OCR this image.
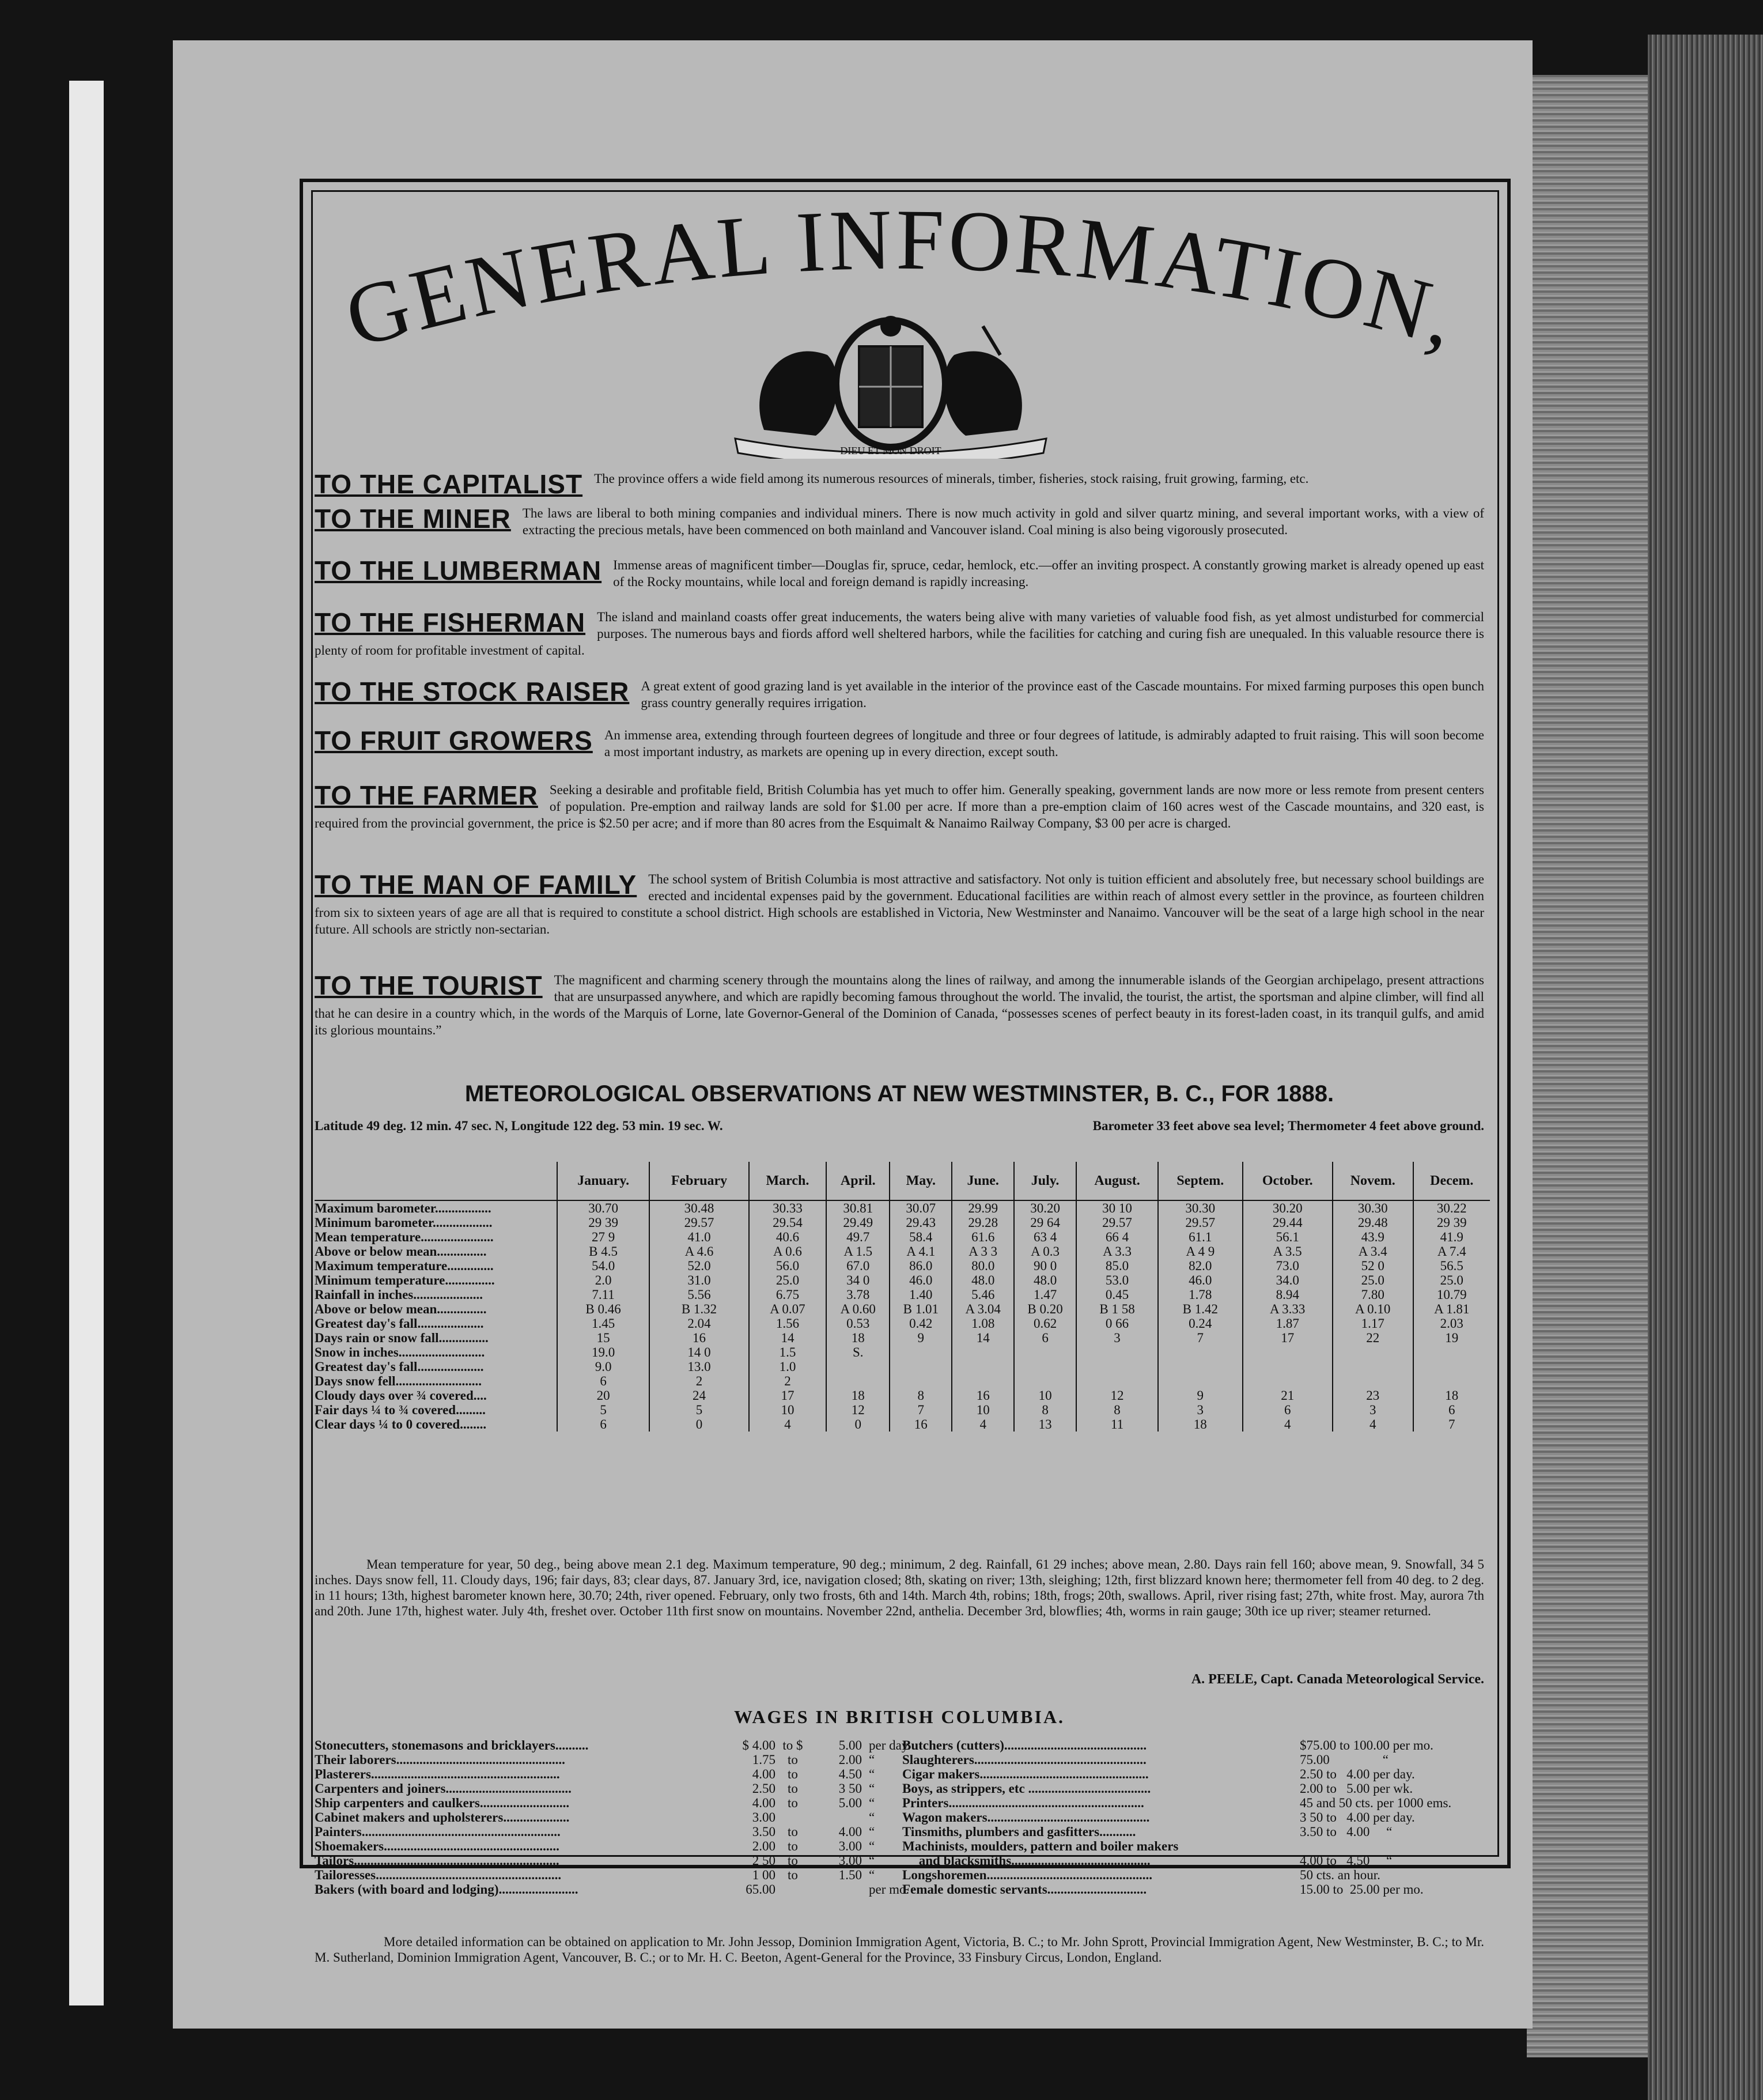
GENERAL INFORMATION,
DIEU ET MON DROIT
TO THE CAPITALIST The province offers a wide field among its numerous resources of minerals, timber, fisheries, stock raising, fruit growing, farming, etc.
TO THE MINER The laws are liberal to both mining companies and individual miners. There is now much activity in gold and silver quartz mining, and several important works, with a view of extracting the precious metals, have been commenced on both mainland and Vancouver island. Coal mining is also being vigorously prosecuted.
TO THE LUMBERMAN Immense areas of magnificent timber—Douglas fir, spruce, cedar, hemlock, etc.—offer an inviting prospect. A constantly growing market is already opened up east of the Rocky mountains, while local and foreign demand is rapidly increasing.
TO THE FISHERMAN The island and mainland coasts offer great inducements, the waters being alive with many varieties of valuable food fish, as yet almost undisturbed for commercial purposes. The numerous bays and fiords afford well sheltered harbors, while the facilities for catching and curing fish are unequaled. In this valuable resource there is plenty of room for profitable investment of capital.
TO THE STOCK RAISER A great extent of good grazing land is yet available in the interior of the province east of the Cascade mountains. For mixed farming purposes this open bunch grass country generally requires irrigation.
TO FRUIT GROWERS An immense area, extending through fourteen degrees of longitude and three or four degrees of latitude, is admirably adapted to fruit raising. This will soon become a most important industry, as markets are opening up in every direction, except south.
TO THE FARMER Seeking a desirable and profitable field, British Columbia has yet much to offer him. Generally speaking, government lands are now more or less remote from present centers of population. Pre-emption and railway lands are sold for $1.00 per acre. If more than a pre-emption claim of 160 acres west of the Cascade mountains, and 320 east, is required from the provincial government, the price is $2.50 per acre; and if more than 80 acres from the Esquimalt & Nanaimo Railway Company, $3 00 per acre is charged.
TO THE MAN OF FAMILY The school system of British Columbia is most attractive and satisfactory. Not only is tuition efficient and absolutely free, but necessary school buildings are erected and incidental expenses paid by the government. Educational facilities are within reach of almost every settler in the province, as fourteen children from six to sixteen years of age are all that is required to constitute a school district. High schools are established in Victoria, New Westminster and Nanaimo. Vancouver will be the seat of a large high school in the near future. All schools are strictly non-sectarian.
TO THE TOURIST The magnificent and charming scenery through the mountains along the lines of railway, and among the innumerable islands of the Georgian archipelago, present attractions that are unsurpassed anywhere, and which are rapidly becoming famous throughout the world. The invalid, the tourist, the artist, the sportsman and alpine climber, will find all that he can desire in a country which, in the words of the Marquis of Lorne, late Governor-General of the Dominion of Canada, “possesses scenes of perfect beauty in its forest-laden coast, in its tranquil gulfs, and amid its glorious mountains.”
METEOROLOGICAL OBSERVATIONS AT NEW WESTMINSTER, B. C., FOR 1888.
Latitude 49 deg. 12 min. 47 sec. N, Longitude 122 deg. 53 min. 19 sec. W.	Barometer 33 feet above sea level; Thermometer 4 feet above ground.
	January.	February	March.	April.	May.	June.	July.	August.	Septem.	October.	Novem.	Decem.
Maximum barometer.................	30.70	30.48	30.33	30.81	30.07	29.99	30.20	30 10	30.30	30.20	30.30	30.22
Minimum barometer..................	29 39	29.57	29.54	29.49	29.43	29.28	29 64	29.57	29.57	29.44	29.48	29 39
Mean temperature......................	27 9	41.0	40.6	49.7	58.4	61.6	63 4	66 4	61.1	56.1	43.9	41.9
Above or below mean...............	B 4.5	A 4.6	A 0.6	A 1.5	A 4.1	A 3 3	A 0.3	A 3.3	A 4 9	A 3.5	A 3.4	A 7.4
Maximum temperature..............	54.0	52.0	56.0	67.0	86.0	80.0	90 0	85.0	82.0	73.0	52 0	56.5
Minimum temperature...............	2.0	31.0	25.0	34 0	46.0	48.0	48.0	53.0	46.0	34.0	25.0	25.0
Rainfall in inches.....................	7.11	5.56	6.75	3.78	1.40	5.46	1.47	0.45	1.78	8.94	7.80	10.79
Above or below mean...............	B 0.46	B 1.32	A 0.07	A 0.60	B 1.01	A 3.04	B 0.20	B 1 58	B 1.42	A 3.33	A 0.10	A 1.81
Greatest day's fall....................	1.45	2.04	1.56	0.53	0.42	1.08	0.62	0 66	0.24	1.87	1.17	2.03
Days rain or snow fall...............	15	16	14	18	9	14	6	3	7	17	22	19
Snow in inches..........................	19.0	14 0	1.5	S.								
Greatest day's fall....................	9.0	13.0	1.0									
Days snow fell..........................	6	2	2									
Cloudy days over ¾ covered....	20	24	17	18	8	16	10	12	9	21	23	18
Fair days ¼ to ¾ covered.........	5	5	10	12	7	10	8	8	3	6	3	6
Clear days ¼ to 0 covered........	6	0	4	0	16	4	13	11	18	4	4	7
Mean temperature for year, 50 deg., being above mean 2.1 deg. Maximum temperature, 90 deg.; minimum, 2 deg. Rainfall, 61 29 inches; above mean, 2.80. Days rain fell 160; above mean, 9. Snowfall, 34 5 inches. Days snow fell, 11. Cloudy days, 196; fair days, 83; clear days, 87. January 3rd, ice, navigation closed; 8th, skating on river; 13th, sleighing; 12th, first blizzard known here; thermometer fell from 40 deg. to 2 deg. in 11 hours; 13th, highest barometer known here, 30.70; 24th, river opened. February, only two frosts, 6th and 14th. March 4th, robins; 18th, frogs; 20th, swallows. April, river rising fast; 27th, white frost. May, aurora 7th and 20th. June 17th, highest water. July 4th, freshet over. October 11th first snow on mountains. November 22nd, anthelia. December 3rd, blowflies; 4th, worms in rain gauge; 30th ice up river; steamer returned.
A. PEELE, Capt. Canada Meteorological Service.
WAGES IN BRITISH COLUMBIA.
Stonecutters, stonemasons and bricklayers..........	$ 4.00 to $	5.00 per day.
Their laborers...................................................	1.75 to	2.00 “
Plasterers.........................................................	4.00 to	4.50 “
Carpenters and joiners......................................	2.50 to	3 50 “
Ship carpenters and caulkers...........................	4.00 to	5.00 “
Cabinet makers and upholsterers....................	3.00	“
Painters............................................................	3.50 to	4.00 “
Shoemakers.....................................................	2.00 to	3.00 “
Tailors..............................................................	2 50 to	3.00 “
Tailoresses........................................................	1 00 to	1.50 “
Bakers (with board and lodging)........................	65.00	per mo.
Butchers (cutters)...........................................	$75.00 to 100.00 per mo.
Slaughterers....................................................	75.00                “
Cigar makers...................................................	2.50 to   4.00 per day.
Boys, as strippers, etc .....................................	2.00 to   5.00 per wk.
Printers...........................................................	45 and 50 cts. per 1000 ems.
Wagon makers.................................................	3 50 to   4.00 per day.
Tinsmiths, plumbers and gasfitters...........	3.50 to   4.00     “
Machinists, moulders, pattern and boiler makers
and blacksmiths..........................................	4.00 to   4.50     “
Longshoremen..................................................	50 cts. an hour.
Female domestic servants..............................	15.00 to  25.00 per mo.
More detailed information can be obtained on application to Mr. John Jessop, Dominion Immigration Agent, Victoria, B. C.; to Mr. John Sprott, Provincial Immigration Agent, New Westminster, B. C.; to Mr. M. Sutherland, Dominion Immigration Agent, Vancouver, B. C.; or to Mr. H. C. Beeton, Agent-General for the Province, 33 Finsbury Circus, London, England.
